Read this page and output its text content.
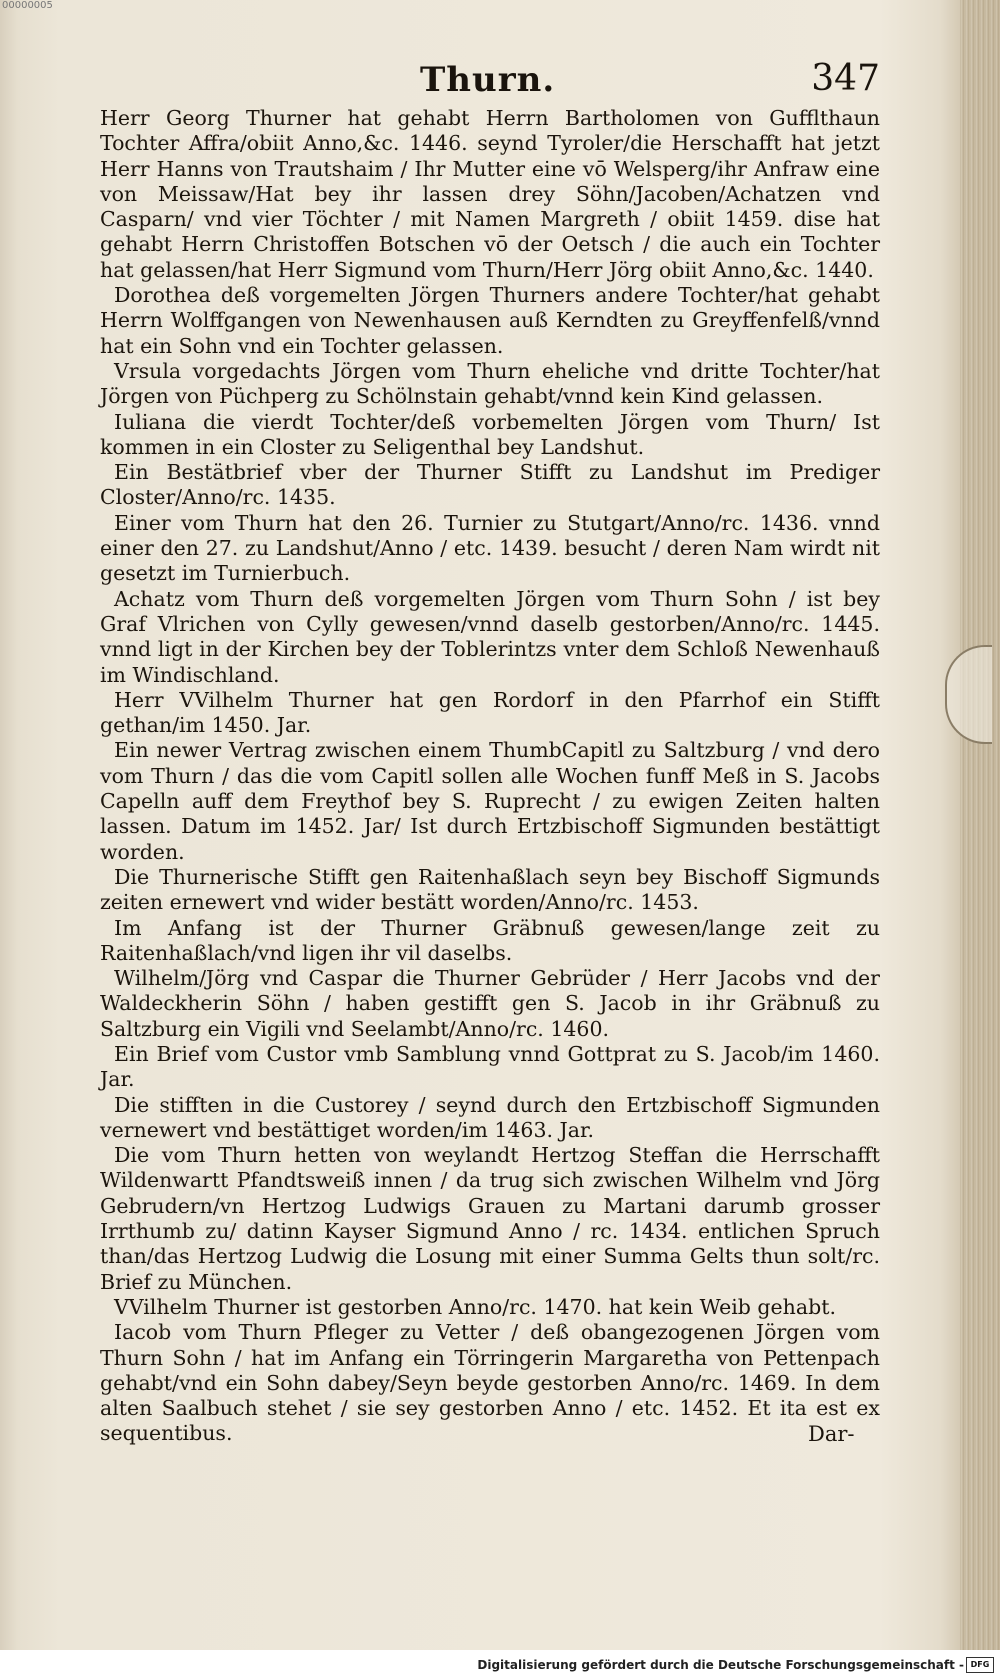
00000005
Thurn.	347

Herr Georg Thurner hat gehabt Herrn Bartholomen von Gufflthaun Tochter Affra/obiit Anno,&c. 1446. seynd Tyroler/die Herschafft hat jetzt Herr Hanns von Trautshaim / Ihr Mutter eine vō Welsperg/ihr Anfraw eine von Meissaw/Hat bey ihr lassen drey Söhn/Jacoben/Achatzen vnd Casparn/ vnd vier Töchter / mit Namen Margreth / obiit 1459. dise hat gehabt Herrn Christoffen Botschen vō der Oetsch / die auch ein Tochter hat gelassen/hat Herr Sigmund vom Thurn/Herr Jörg obiit Anno,&c. 1440.

Dorothea deß vorgemelten Jörgen Thurners andere Tochter/hat gehabt Herrn Wolffgangen von Newenhausen auß Kerndten zu Greyffenfelß/vnnd hat ein Sohn vnd ein Tochter gelassen.

Vrsula vorgedachts Jörgen vom Thurn eheliche vnd dritte Tochter/hat Jörgen von Püchperg zu Schölnstain gehabt/vnnd kein Kind gelassen.

Iuliana die vierdt Tochter/deß vorbemelten Jörgen vom Thurn/ Ist kommen in ein Closter zu Seligenthal bey Landshut.

Ein Bestätbrief vber der Thurner Stifft zu Landshut im Prediger Closter/Anno/rc. 1435.

Einer vom Thurn hat den 26. Turnier zu Stutgart/Anno/rc. 1436. vnnd einer den 27. zu Landshut/Anno / etc. 1439. besucht / deren Nam wirdt nit gesetzt im Turnierbuch.

Achatz vom Thurn deß vorgemelten Jörgen vom Thurn Sohn / ist bey Graf Vlrichen von Cylly gewesen/vnnd daselb gestorben/Anno/rc. 1445. vnnd ligt in der Kirchen bey der Toblerintzs vnter dem Schloß Newenhauß im Windischland.

Herr VVilhelm Thurner hat gen Rordorf in den Pfarrhof ein Stifft gethan/im 1450. Jar.

Ein newer Vertrag zwischen einem ThumbCapitl zu Saltzburg / vnd dero vom Thurn / das die vom Capitl sollen alle Wochen funff Meß in S. Jacobs Capelln auff dem Freythof bey S. Ruprecht / zu ewigen Zeiten halten lassen. Datum im 1452. Jar/ Ist durch Ertzbischoff Sigmunden bestättigt worden.

Die Thurnerische Stifft gen Raitenhaßlach seyn bey Bischoff Sigmunds zeiten ernewert vnd wider bestätt worden/Anno/rc. 1453.

Im Anfang ist der Thurner Gräbnuß gewesen/lange zeit zu Raitenhaßlach/vnd ligen ihr vil daselbs.

Wilhelm/Jörg vnd Caspar die Thurner Gebrüder / Herr Jacobs vnd der Waldeckherin Söhn / haben gestifft gen S. Jacob in ihr Gräbnuß zu Saltzburg ein Vigili vnd Seelambt/Anno/rc. 1460.

Ein Brief vom Custor vmb Samblung vnnd Gottprat zu S. Jacob/im 1460. Jar.

Die stifften in die Custorey / seynd durch den Ertzbischoff Sigmunden vernewert vnd bestättiget worden/im 1463. Jar.

Die vom Thurn hetten von weylandt Hertzog Steffan die Herrschafft Wildenwartt Pfandtsweiß innen / da trug sich zwischen Wilhelm vnd Jörg Gebrudern/vn Hertzog Ludwigs Grauen zu Martani darumb grosser Irrthumb zu/ datinn Kayser Sigmund Anno / rc. 1434. entlichen Spruch than/das Hertzog Ludwig die Losung mit einer Summa Gelts thun solt/rc. Brief zu München.

VVilhelm Thurner ist gestorben Anno/rc. 1470. hat kein Weib gehabt.

Iacob vom Thurn Pfleger zu Vetter / deß obangezogenen Jörgen vom Thurn Sohn / hat im Anfang ein Törringerin Margaretha von Pettenpach gehabt/vnd ein Sohn dabey/Seyn beyde gestorben Anno/rc. 1469. In dem alten Saalbuch stehet / sie sey gestorben Anno / etc. 1452. Et ita est ex sequentibus.	Dar-
Digitalisierung gefördert durch die Deutsche Forschungsgemeinschaft - DFG
